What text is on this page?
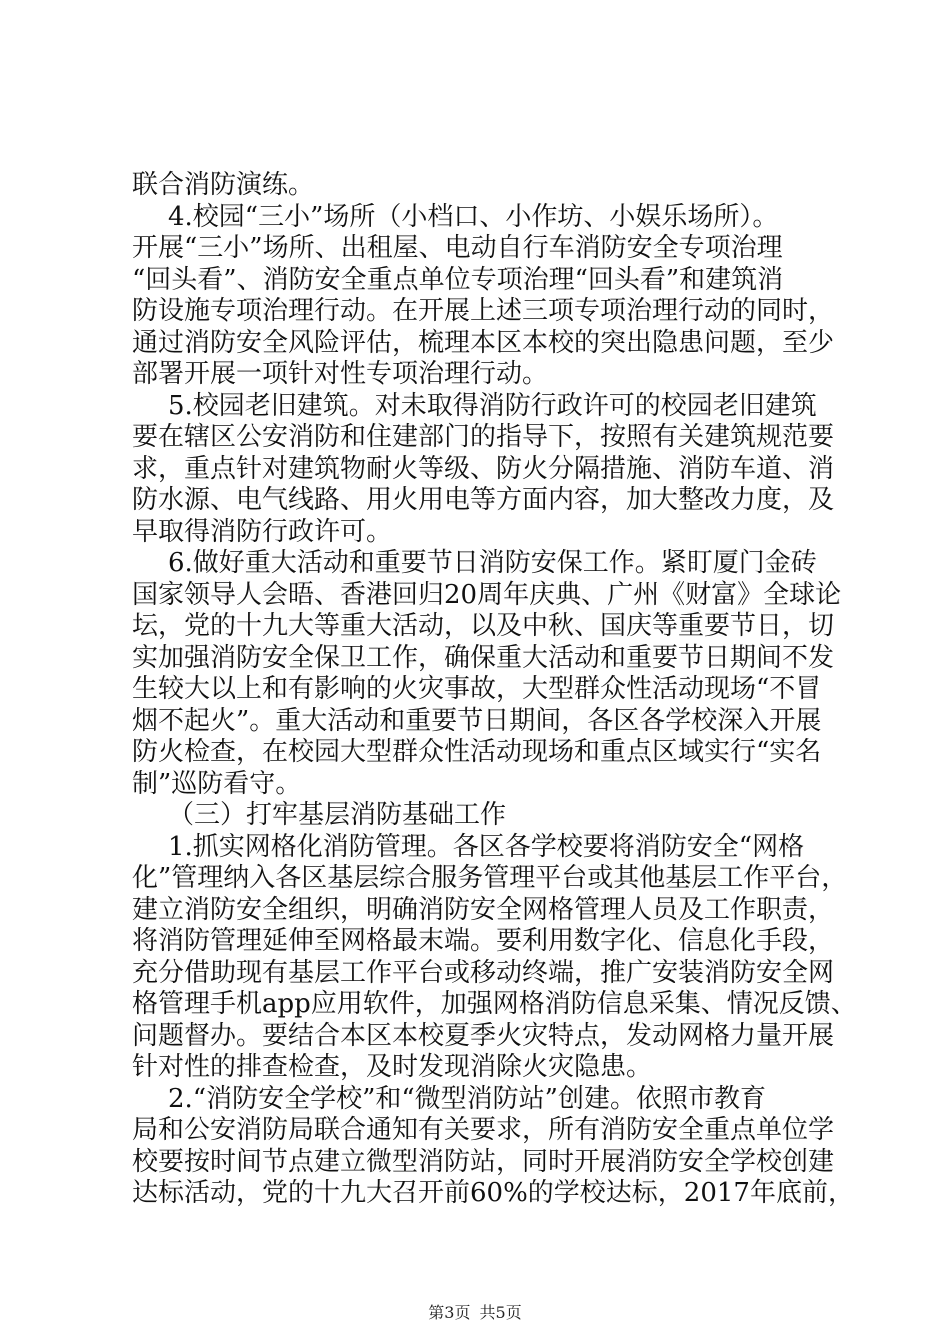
联合消防演练。
4.校园“三小”场所（小档口、小作坊、小娱乐场所）。
开展“三小”场所、出租屋、电动自行车消防安全专项治理
“回头看”、消防安全重点单位专项治理“回头看”和建筑消
防设施专项治理行动。在开展上述三项专项治理行动的同时，
通过消防安全风险评估，梳理本区本校的突出隐患问题，至少
部署开展一项针对性专项治理行动。
5.校园老旧建筑。对未取得消防行政许可的校园老旧建筑
要在辖区公安消防和住建部门的指导下，按照有关建筑规范要
求，重点针对建筑物耐火等级、防火分隔措施、消防车道、消
防水源、电气线路、用火用电等方面内容，加大整改力度，及
早取得消防行政许可。
6.做好重大活动和重要节日消防安保工作。紧盯厦门金砖
国家领导人会晤、香港回归20周年庆典、广州《财富》全球论
坛，党的十九大等重大活动，以及中秋、国庆等重要节日，切
实加强消防安全保卫工作，确保重大活动和重要节日期间不发
生较大以上和有影响的火灾事故，大型群众性活动现场“不冒
烟不起火”。重大活动和重要节日期间，各区各学校深入开展
防火检查，在校园大型群众性活动现场和重点区域实行“实名
制”巡防看守。
（三）打牢基层消防基础工作
1.抓实网格化消防管理。各区各学校要将消防安全“网格
化”管理纳入各区基层综合服务管理平台或其他基层工作平台，
建立消防安全组织，明确消防安全网格管理人员及工作职责，
将消防管理延伸至网格最末端。要利用数字化、信息化手段，
充分借助现有基层工作平台或移动终端，推广安装消防安全网
格管理手机app应用软件，加强网格消防信息采集、情况反馈、
问题督办。要结合本区本校夏季火灾特点，发动网格力量开展
针对性的排查检查，及时发现消除火灾隐患。
2.“消防安全学校”和“微型消防站”创建。依照市教育
局和公安消防局联合通知有关要求，所有消防安全重点单位学
校要按时间节点建立微型消防站，同时开展消防安全学校创建
达标活动，党的十九大召开前60%的学校达标，2017年底前，
第3页 共5页
